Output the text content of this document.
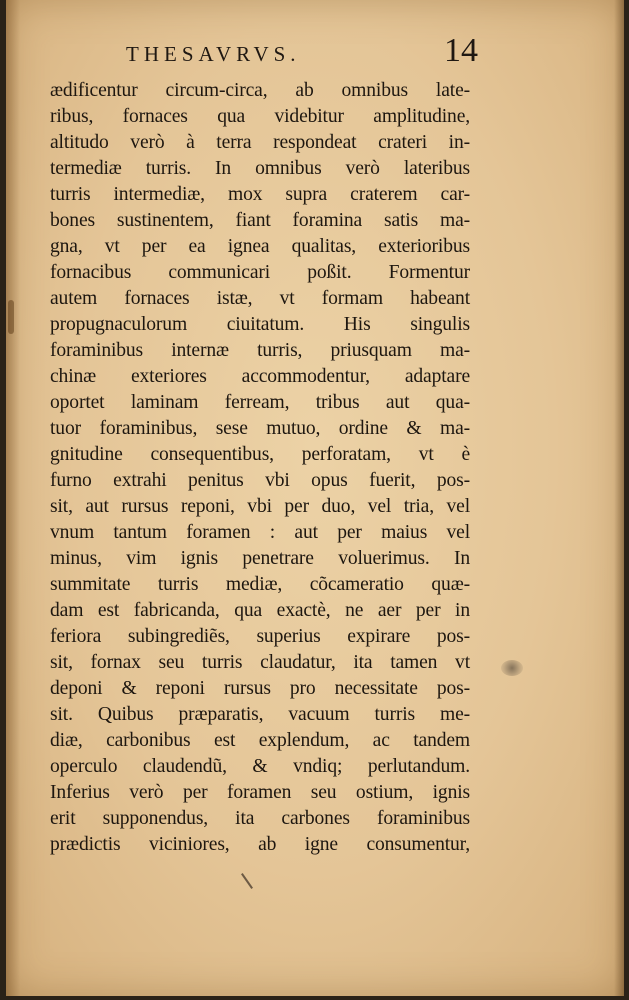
THESAVRVS.	14
ædificentur circum-circa, ab omnibus late-
ribus, fornaces qua videbitur amplitudine,
altitudo verò à terra respondeat crateri in-
termediæ turris. In omnibus verò lateribus
turris intermediæ, mox supra craterem car-
bones sustinentem, fiant foramina satis ma-
gna, vt per ea ignea qualitas, exterioribus
fornacibus communicari poßit. Formentur
autem fornaces istæ, vt formam habeant
propugnaculorum ciuitatum. His singulis
foraminibus internæ turris, priusquam ma-
chinæ exteriores accommodentur, adaptare
oportet laminam ferream, tribus aut qua-
tuor foraminibus, sese mutuo, ordine & ma-
gnitudine consequentibus, perforatam, vt è
furno extrahi penitus vbi opus fuerit, pos-
sit, aut rursus reponi, vbi per duo, vel tria, vel
vnum tantum foramen : aut per maius vel
minus, vim ignis penetrare voluerimus. In
summitate turris mediæ, cõcameratio quæ-
dam est fabricanda, qua exactè, ne aer per in
feriora subingrediẽs, superius expirare pos-
sit, fornax seu turris claudatur, ita tamen vt
deponi & reponi rursus pro necessitate pos-
sit. Quibus præparatis, vacuum turris me-
diæ, carbonibus est explendum, ac tandem
operculo claudendũ, & vndiq; perlutandum.
Inferius verò per foramen seu ostium, ignis
erit supponendus, ita carbones foraminibus
prædictis viciniores, ab igne consumentur,
